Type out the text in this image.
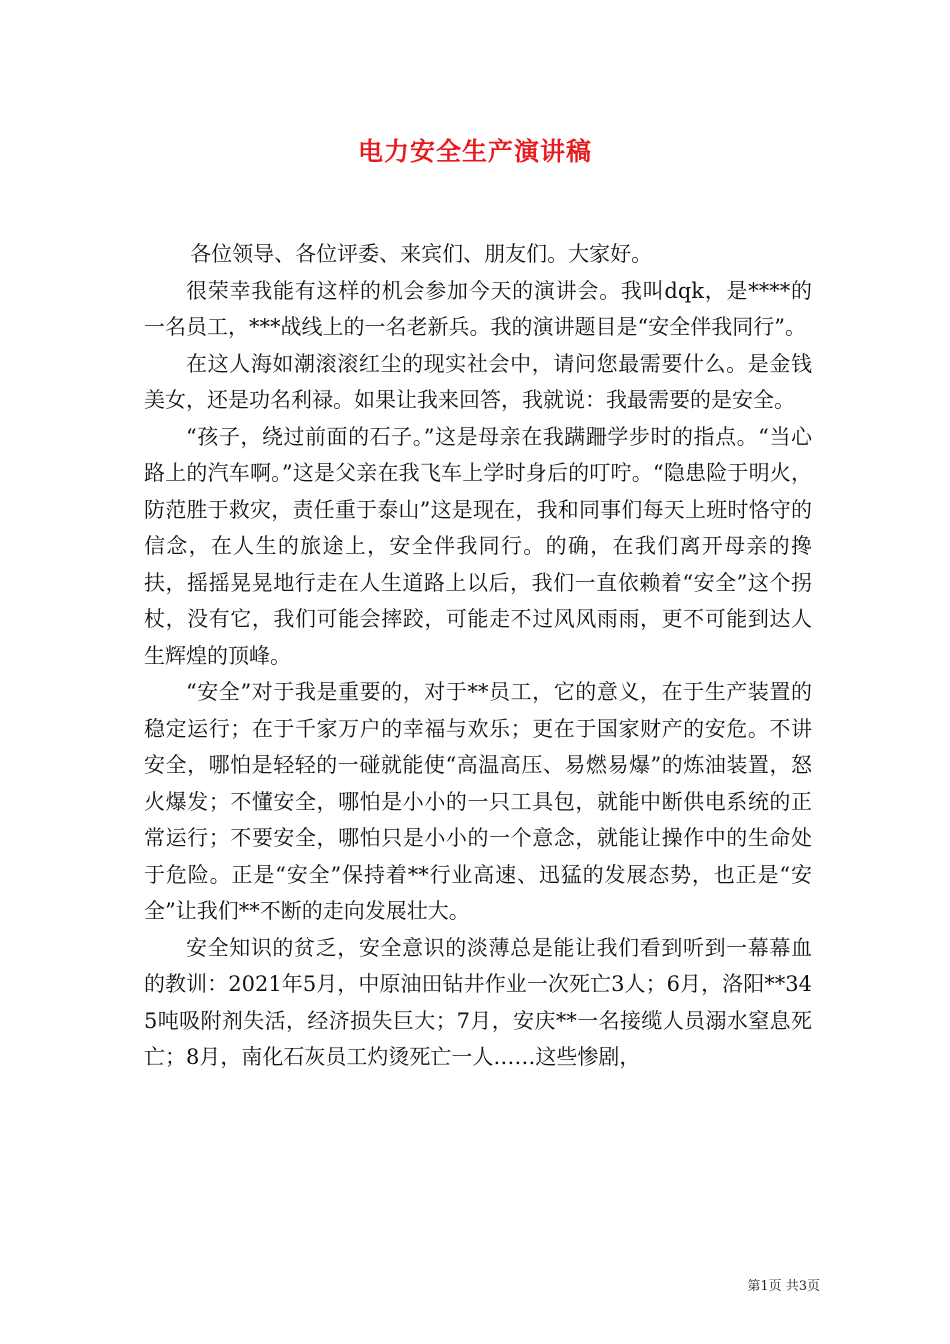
电力安全生产演讲稿

各位领导、各位评委、来宾们、朋友们。大家好。

很荣幸我能有这样的机会参加今天的演讲会。我叫dqk，是****的一名员工，***战线上的一名老新兵。我的演讲题目是“安全伴我同行”。

在这人海如潮滚滚红尘的现实社会中，请问您最需要什么。是金钱美女，还是功名利禄。如果让我来回答，我就说：我最需要的是安全。

“孩子，绕过前面的石子。”这是母亲在我蹒跚学步时的指点。“当心路上的汽车啊。”这是父亲在我飞车上学时身后的叮咛。“隐患险于明火，防范胜于救灾，责任重于泰山”这是现在，我和同事们每天上班时恪守的信念，在人生的旅途上，安全伴我同行。的确，在我们离开母亲的搀扶，摇摇晃晃地行走在人生道路上以后，我们一直依赖着“安全”这个拐杖，没有它，我们可能会摔跤，可能走不过风风雨雨，更不可能到达人生辉煌的顶峰。

“安全”对于我是重要的，对于**员工，它的意义，在于生产装置的稳定运行；在于千家万户的幸福与欢乐；更在于国家财产的安危。不讲安全，哪怕是轻轻的一碰就能使“高温高压、易燃易爆”的炼油装置，怒火爆发；不懂安全，哪怕是小小的一只工具包，就能中断供电系统的正常运行；不要安全，哪怕只是小小的一个意念，就能让操作中的生命处于危险。正是“安全”保持着**行业高速、迅猛的发展态势，也正是“安全”让我们**不断的走向发展壮大。

安全知识的贫乏，安全意识的淡薄总是能让我们看到听到一幕幕血的教训：2021年5月，中原油田钻井作业一次死亡3人；6月，洛阳**345吨吸附剂失活，经济损失巨大；7月，安庆**一名接缆人员溺水窒息死亡；8月，南化石灰员工灼烫死亡一人……这些惨剧，

第1页 共3页
